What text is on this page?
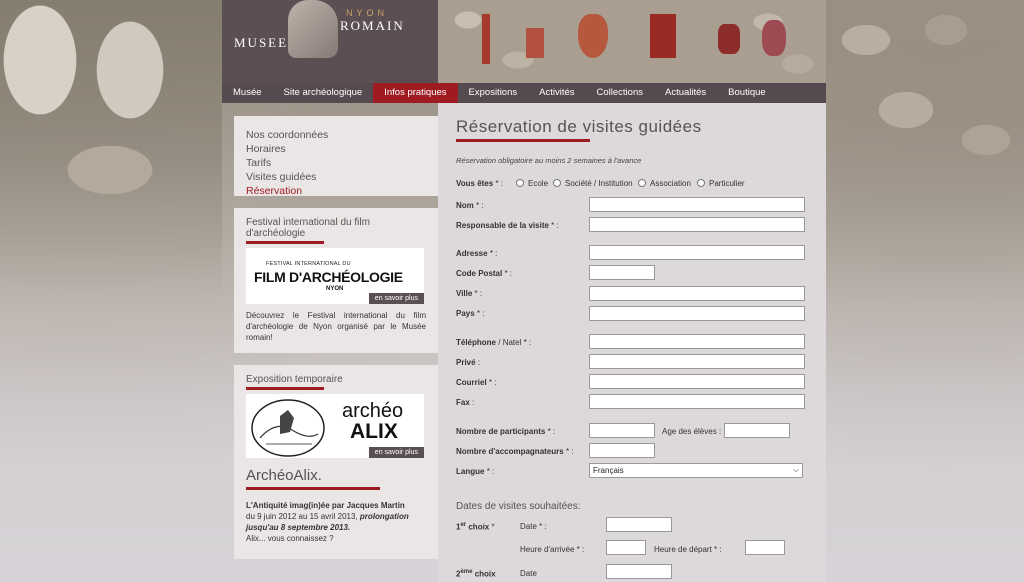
MUSEE
NYON
ROMAIN
Musée	Site archéologique	Infos pratiques	Expositions	Activités	Collections	Actualités	Boutique
Nos coordonnées
Horaires
Tarifs
Visites guidées
Réservation
Festival international du film d'archéologie
FESTIVAL INTERNATIONAL DU
FILM D'ARCHÉOLOGIE
NYON
en savoir plus
Découvrez le Festival international du film d'archéologie de Nyon organisé par le Musée romain!
Exposition temporaire
archéo
ALIX
en savoir plus
ArchéoAlix.
L'Antiquité imag(in)ée par Jacques Martin
du 9 juin 2012 au 15 avril 2013, prolongation jusqu'au 8 septembre 2013.
Alix... vous connaissez ?
Réservation de visites guidées
Réservation obligatoire au moins 2 semaines à l'avance
Vous êtes * :	Ecole Société / Institution Association Particulier
Nom * :
Responsable de la visite * :
Adresse * :
Code Postal * :
Ville * :
Pays * :
Téléphone / Natel * :
Privé :
Courriel * :
Fax :
Nombre de participants * :	Age des élèves :
Nombre d'accompagnateurs * :
Langue * :	Français	⌵
Dates de visites souhaitées:
1er choix *	Date * :
Heure d'arrivée * :	Heure de départ * :
2ème choix	Date
